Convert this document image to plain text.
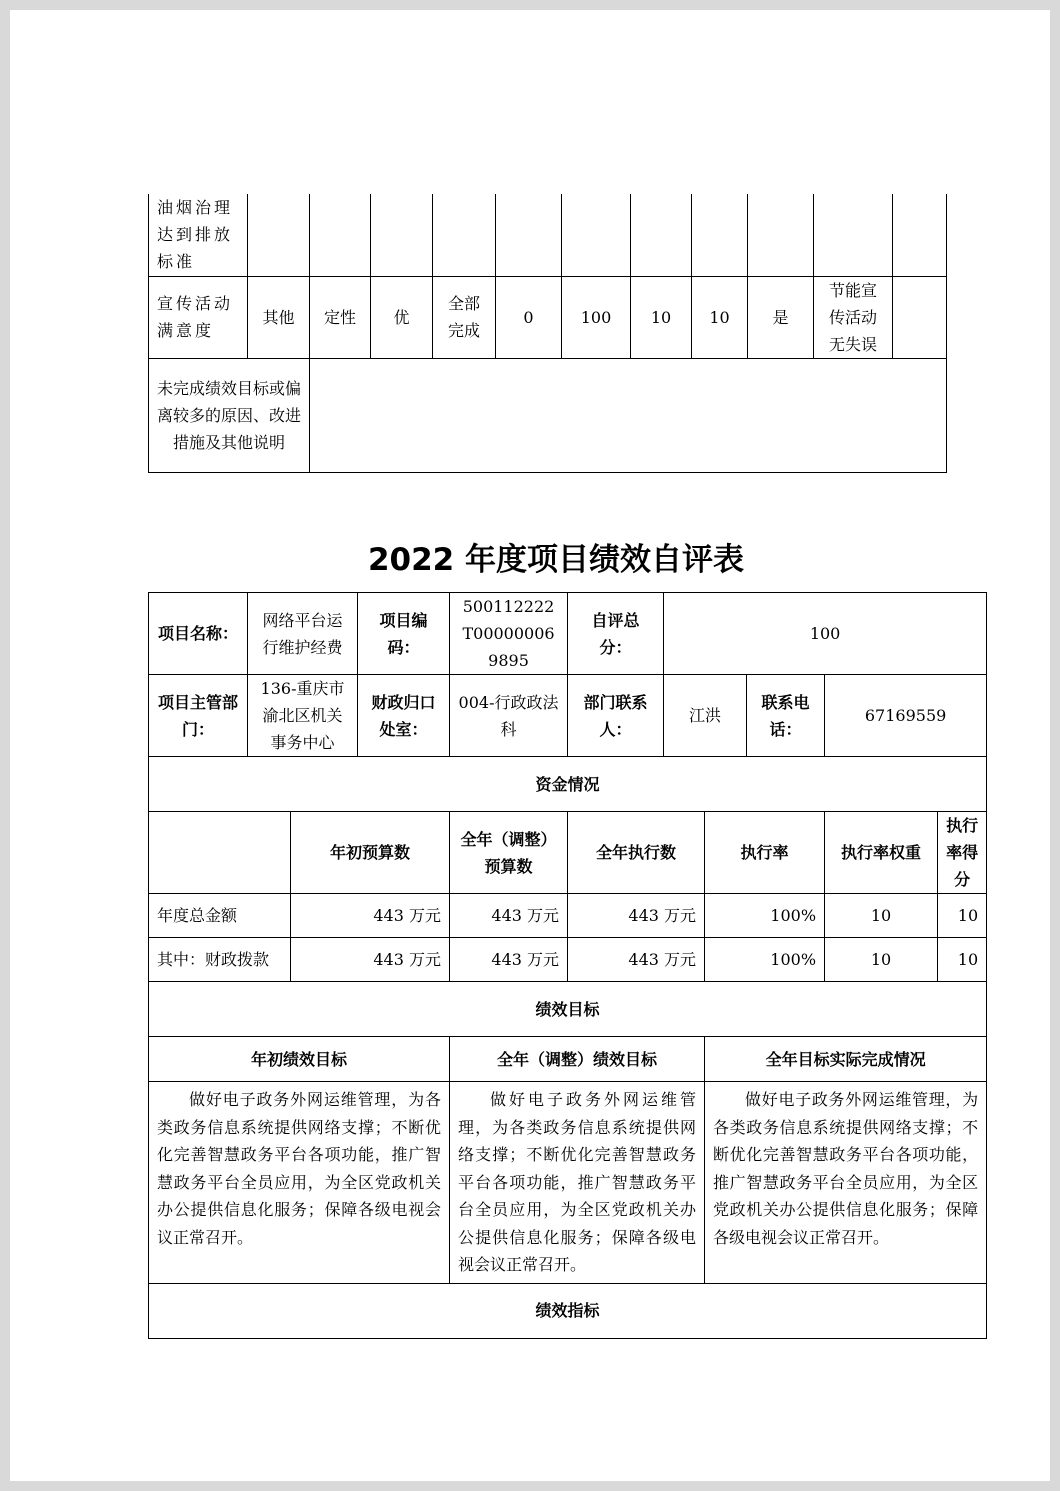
油烟治理达到排放标准											
宣传活动满意度	其他	定性	优	全部完成	0	100	10	10	是	节能宣传活动无失误	
未完成绩效目标或偏离较多的原因、改进措施及其他说明											
2022 年度项目绩效自评表
项目名称：	网络平台运行维护经费		项目编码：	500112222T000000069895	自评总分：	100				
项目主管部门：	136-重庆市渝北区机关事务中心		财政归口处室：	004-行政政法科	部门联系人：	江洪		联系电话：	67169559	
资金情况										
		年初预算数		全年（调整）预算数	全年执行数		执行率		执行率权重	执行率得分
年度总金额		443 万元		443 万元	443 万元		100%		10	10
其中：财政拨款		443 万元		443 万元	443 万元		100%		10	10
绩效目标										
年初绩效目标				全年（调整）绩效目标			全年目标实际完成情况			
做好电子政务外网运维管理，为各类政务信息系统提供网络支撑；不断优化完善智慧政务平台各项功能，推广智慧政务平台全员应用，为全区党政机关办公提供信息化服务；保障各级电视会议正常召开。				做好电子政务外网运维管理，为各类政务信息系统提供网络支撑；不断优化完善智慧政务平台各项功能，推广智慧政务平台全员应用，为全区党政机关办公提供信息化服务；保障各级电视会议正常召开。			做好电子政务外网运维管理，为各类政务信息系统提供网络支撑；不断优化完善智慧政务平台各项功能，推广智慧政务平台全员应用，为全区党政机关办公提供信息化服务；保障各级电视会议正常召开。			
绩效指标										
